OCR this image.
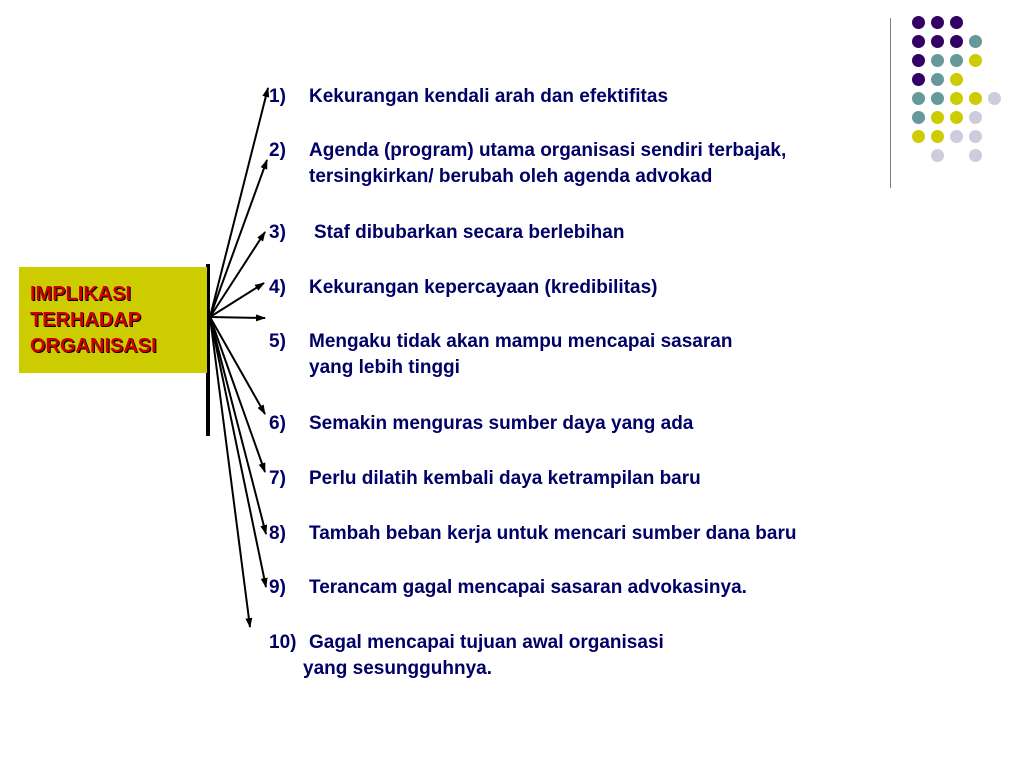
IMPLIKASI
TERHADAP
ORGANISASI
1) Kekurangan kendali arah dan efektifitas
2) Agenda (program) utama organisasi sendiri terbajak,
tersingkirkan/ berubah oleh agenda advokad
3) Staf dibubarkan secara berlebihan
4) Kekurangan kepercayaan (kredibilitas)
5) Mengaku tidak akan mampu mencapai sasaran
yang lebih tinggi
6) Semakin menguras sumber daya yang ada
7) Perlu dilatih kembali daya ketrampilan baru
8) Tambah beban kerja untuk mencari sumber dana baru
9) Terancam gagal mencapai sasaran advokasinya.
10) Gagal mencapai tujuan awal organisasi
yang sesungguhnya.
